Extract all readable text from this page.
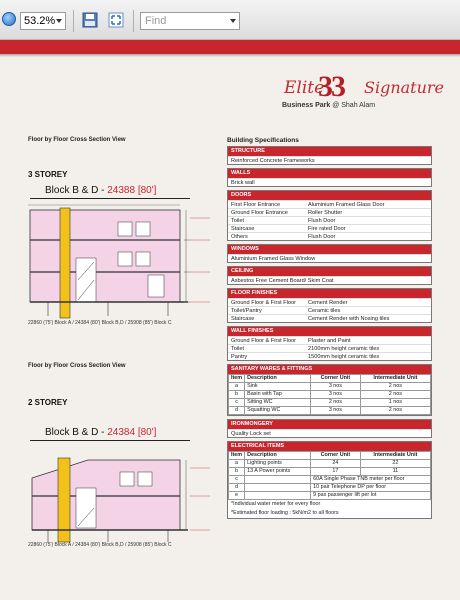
53.2%	Find
Elite
33 Signature
Business Park @ Shah Alam
Floor by Floor Cross Section View
3 STOREY
Block B & D - 24388 [80']
22860 (75') Block A / 24384 (80') Block B,D / 25908 (85') Block C
Floor by Floor Cross Section View
2 STOREY
Block B & D - 24384 [80']
22860 (75') Block A / 24384 (80') Block B,D / 25908 (85') Block C
Building Specifications
STRUCTURE
Reinforced Concrete Frameworks
WALLS
Brick wall
DOORS
First Floor Entrance	Aluminium Framed Glass Door
Ground Floor Entrance	Roller Shutter
Toilet	Flush Door
Staircase	Fire rated Door
Others	Flush Door
WINDOWS
Aluminium Framed Glass Window
CEILING
Asbestos Free Cement Board/ Skim Coat
FLOOR FINISHES
Ground Floor & First Floor	Cement Render
Toilet/Pantry	Ceramic tiles
Staircase	Cement Render with Nosing tiles
WALL FINISHES
Ground Floor & First Floor	Plaster and Paint
Toilet	2100mm height ceramic tiles
Pantry	1500mm height ceramic tiles
SANITARY WARES & FITTINGS
Item	Description	Corner Unit	Intermediate Unit
a	Sink	3 nos	2 nos
b	Basin with Tap	3 nos	2 nos
c	Sitting WC	2 nos	1 nos
d	Squatting WC	3 nos	2 nos
IRONMONGERY
Quality Lock set
ELECTRICAL ITEMS
Item	Description	Corner Unit	Intermediate Unit
a	Lighting points	24	22
b	13 A Power points	17	11
c		60A Single Phase TNB meter per floor	
d		10 pair Telephone DP per floor	
e		9 pax passenger lift per lot	
*Individual water meter for every floor
*Estimated floor loading : 5kN/m2 to all floors
